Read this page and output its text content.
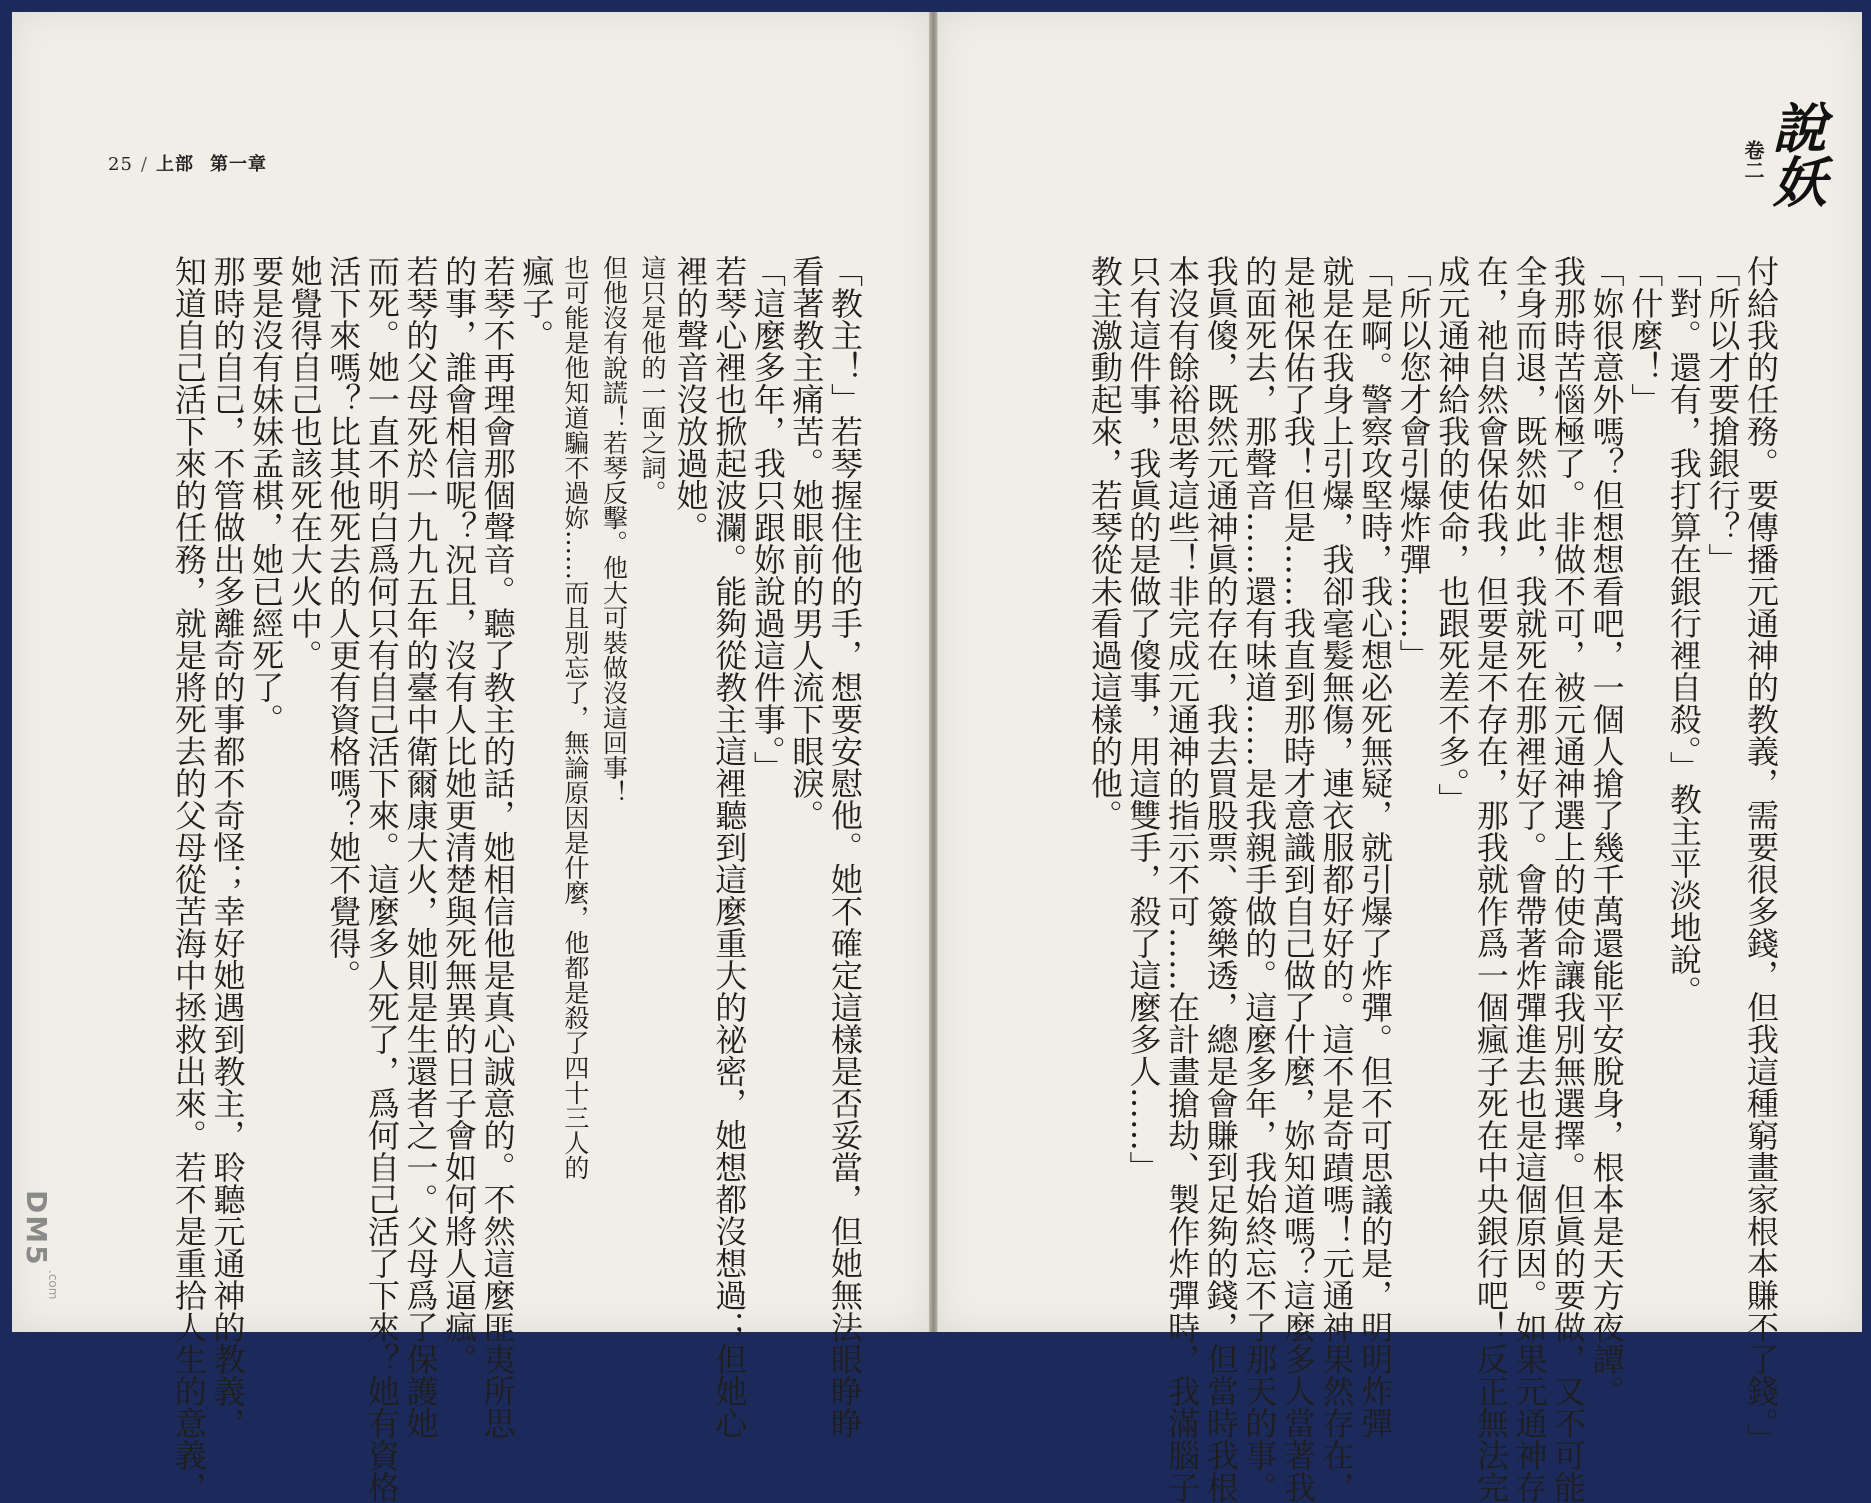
25 / 上部 第一章	卷二 說妖

「教主！」若琴握住他的手，想要安慰他。她不確定這樣是否妥當，但她無法眼睁睁

看著教主痛苦。她眼前的男人流下眼淚。

「這麼多年，我只跟妳說過這件事。」

若琴心裡也掀起波瀾。能夠從教主這裡聽到這麼重大的祕密，她想都沒想過；但她心

裡的聲音沒放過她。

這只是他的一面之詞。

但他沒有說謊！若琴反擊。他大可裝做沒這回事！

也可能是他知道騙不過妳……而且別忘了，無論原因是什麼，他都是殺了四十三人的

瘋子。

若琴不再理會那個聲音。聽了教主的話，她相信他是真心誠意的。不然這麼匪夷所思

的事，誰會相信呢？況且，沒有人比她更清楚與死無異的日子會如何將人逼瘋。

若琴的父母死於一九九五年的臺中衛爾康大火，她則是生還者之一。父母爲了保護她

而死。她一直不明白爲何只有自己活下來。這麼多人死了，爲何自己活了下來？她有資格

活下來嗎？比其他死去的人更有資格嗎？她不覺得。

她覺得自己也該死在大火中。

要是沒有妹妹孟棋，她已經死了。

那時的自己，不管做出多離奇的事都不奇怪；幸好她遇到教主，聆聽元通神的教義，

知道自己活下來的任務，就是將死去的父母從苦海中拯救出來。若不是重拾人生的意義，	付給我的任務。要傳播元通神的教義，需要很多錢，但我這種窮畫家根本賺不了錢。」

「所以才要搶銀行？」

「對。還有，我打算在銀行裡自殺。」教主平淡地說。

「什麼！」

「妳很意外嗎？但想想看吧，一個人搶了幾千萬還能平安脫身，根本是天方夜譚。

我那時苦惱極了。非做不可，被元通神選上的使命讓我別無選擇。但眞的要做，又不可能

全身而退，既然如此，我就死在那裡好了。會帶著炸彈進去也是這個原因。如果元通神存

在，祂自然會保佑我，但要是不存在，那我就作爲一個瘋子死在中央銀行吧！反正無法完

成元通神給我的使命，也跟死差不多。」

「所以您才會引爆炸彈……」

「是啊。警察攻堅時，我心想必死無疑，就引爆了炸彈。但不可思議的是，明明炸彈

就是在我身上引爆，我卻毫髮無傷，連衣服都好好的。這不是奇蹟嗎！元通神果然存在，

是祂保佑了我！但是……我直到那時才意識到自己做了什麼，妳知道嗎？這麼多人當著我

的面死去，那聲音……還有味道……是我親手做的。這麼多年，我始終忘不了那天的事。

我眞傻，既然元通神眞的存在，我去買股票、簽樂透，總是會賺到足夠的錢，但當時我根

本沒有餘裕思考這些！非完成元通神的指示不可……在計畫搶劫、製作炸彈時，我滿腦子

只有這件事，我眞的是做了傻事，用這雙手，殺了這麼多人……」

教主激動起來，若琴從未看過這樣的他。

DM5
.com
